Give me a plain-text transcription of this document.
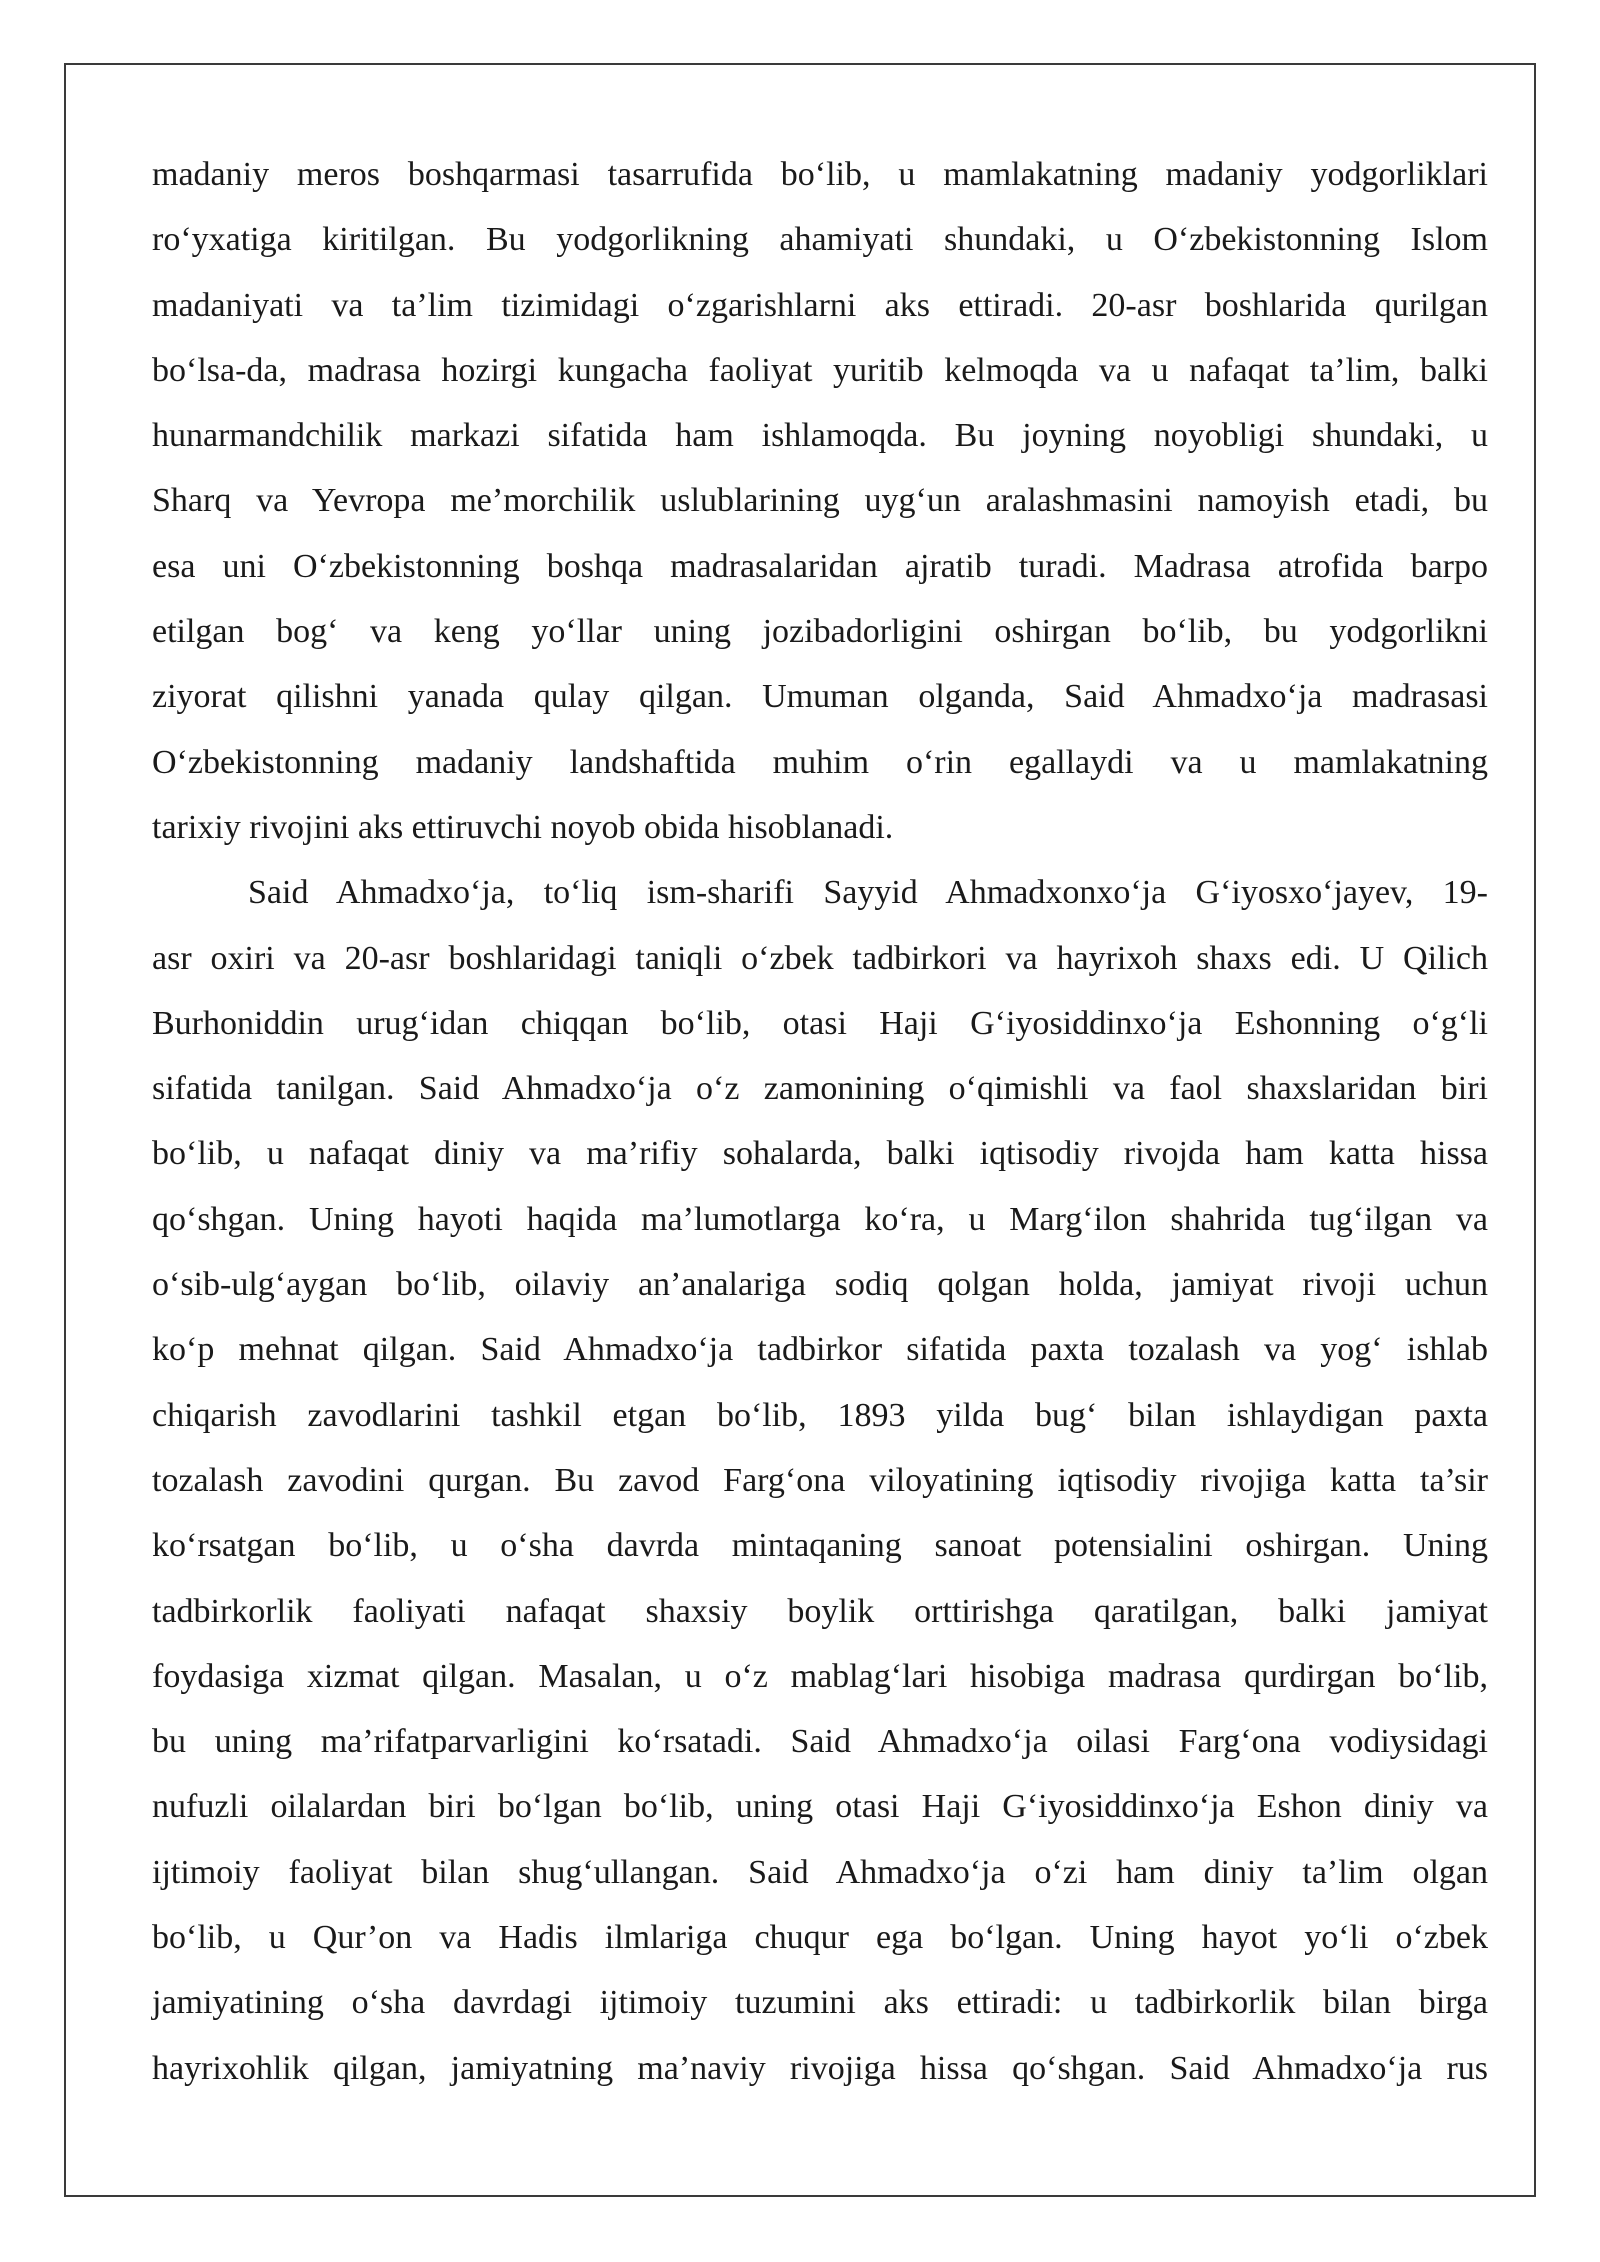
madaniy meros boshqarmasi tasarrufida bo‘lib, u mamlakatning madaniy yodgorliklari
ro‘yxatiga kiritilgan. Bu yodgorlikning ahamiyati shundaki, u O‘zbekistonning Islom
madaniyati va ta’lim tizimidagi o‘zgarishlarni aks ettiradi. 20-asr boshlarida qurilgan
bo‘lsa-da, madrasa hozirgi kungacha faoliyat yuritib kelmoqda va u nafaqat ta’lim, balki
hunarmandchilik markazi sifatida ham ishlamoqda. Bu joyning noyobligi shundaki, u
Sharq va Yevropa me’morchilik uslublarining uyg‘un aralashmasini namoyish etadi, bu
esa uni O‘zbekistonning boshqa madrasalaridan ajratib turadi. Madrasa atrofida barpo
etilgan bog‘ va keng yo‘llar uning jozibadorligini oshirgan bo‘lib, bu yodgorlikni
ziyorat qilishni yanada qulay qilgan. Umuman olganda, Said Ahmadxo‘ja madrasasi
O‘zbekistonning madaniy landshaftida muhim o‘rin egallaydi va u mamlakatning
tarixiy rivojini aks ettiruvchi noyob obida hisoblanadi.
Said Ahmadxo‘ja, to‘liq ism-sharifi Sayyid Ahmadxonxo‘ja G‘iyosxo‘jayev, 19-
asr oxiri va 20-asr boshlaridagi taniqli o‘zbek tadbirkori va hayrixoh shaxs edi. U Qilich
Burhoniddin urug‘idan chiqqan bo‘lib, otasi Haji G‘iyosiddinxo‘ja Eshonning o‘g‘li
sifatida tanilgan. Said Ahmadxo‘ja o‘z zamonining o‘qimishli va faol shaxslaridan biri
bo‘lib, u nafaqat diniy va ma’rifiy sohalarda, balki iqtisodiy rivojda ham katta hissa
qo‘shgan. Uning hayoti haqida ma’lumotlarga ko‘ra, u Marg‘ilon shahrida tug‘ilgan va
o‘sib-ulg‘aygan bo‘lib, oilaviy an’analariga sodiq qolgan holda, jamiyat rivoji uchun
ko‘p mehnat qilgan. Said Ahmadxo‘ja tadbirkor sifatida paxta tozalash va yog‘ ishlab
chiqarish zavodlarini tashkil etgan bo‘lib, 1893 yilda bug‘ bilan ishlaydigan paxta
tozalash zavodini qurgan. Bu zavod Farg‘ona viloyatining iqtisodiy rivojiga katta ta’sir
ko‘rsatgan bo‘lib, u o‘sha davrda mintaqaning sanoat potensialini oshirgan. Uning
tadbirkorlik faoliyati nafaqat shaxsiy boylik orttirishga qaratilgan, balki jamiyat
foydasiga xizmat qilgan. Masalan, u o‘z mablag‘lari hisobiga madrasa qurdirgan bo‘lib,
bu uning ma’rifatparvarligini ko‘rsatadi. Said Ahmadxo‘ja oilasi Farg‘ona vodiysidagi
nufuzli oilalardan biri bo‘lgan bo‘lib, uning otasi Haji G‘iyosiddinxo‘ja Eshon diniy va
ijtimoiy faoliyat bilan shug‘ullangan. Said Ahmadxo‘ja o‘zi ham diniy ta’lim olgan
bo‘lib, u Qur’on va Hadis ilmlariga chuqur ega bo‘lgan. Uning hayot yo‘li o‘zbek
jamiyatining o‘sha davrdagi ijtimoiy tuzumini aks ettiradi: u tadbirkorlik bilan birga
hayrixohlik qilgan, jamiyatning ma’naviy rivojiga hissa qo‘shgan. Said Ahmadxo‘ja rus
